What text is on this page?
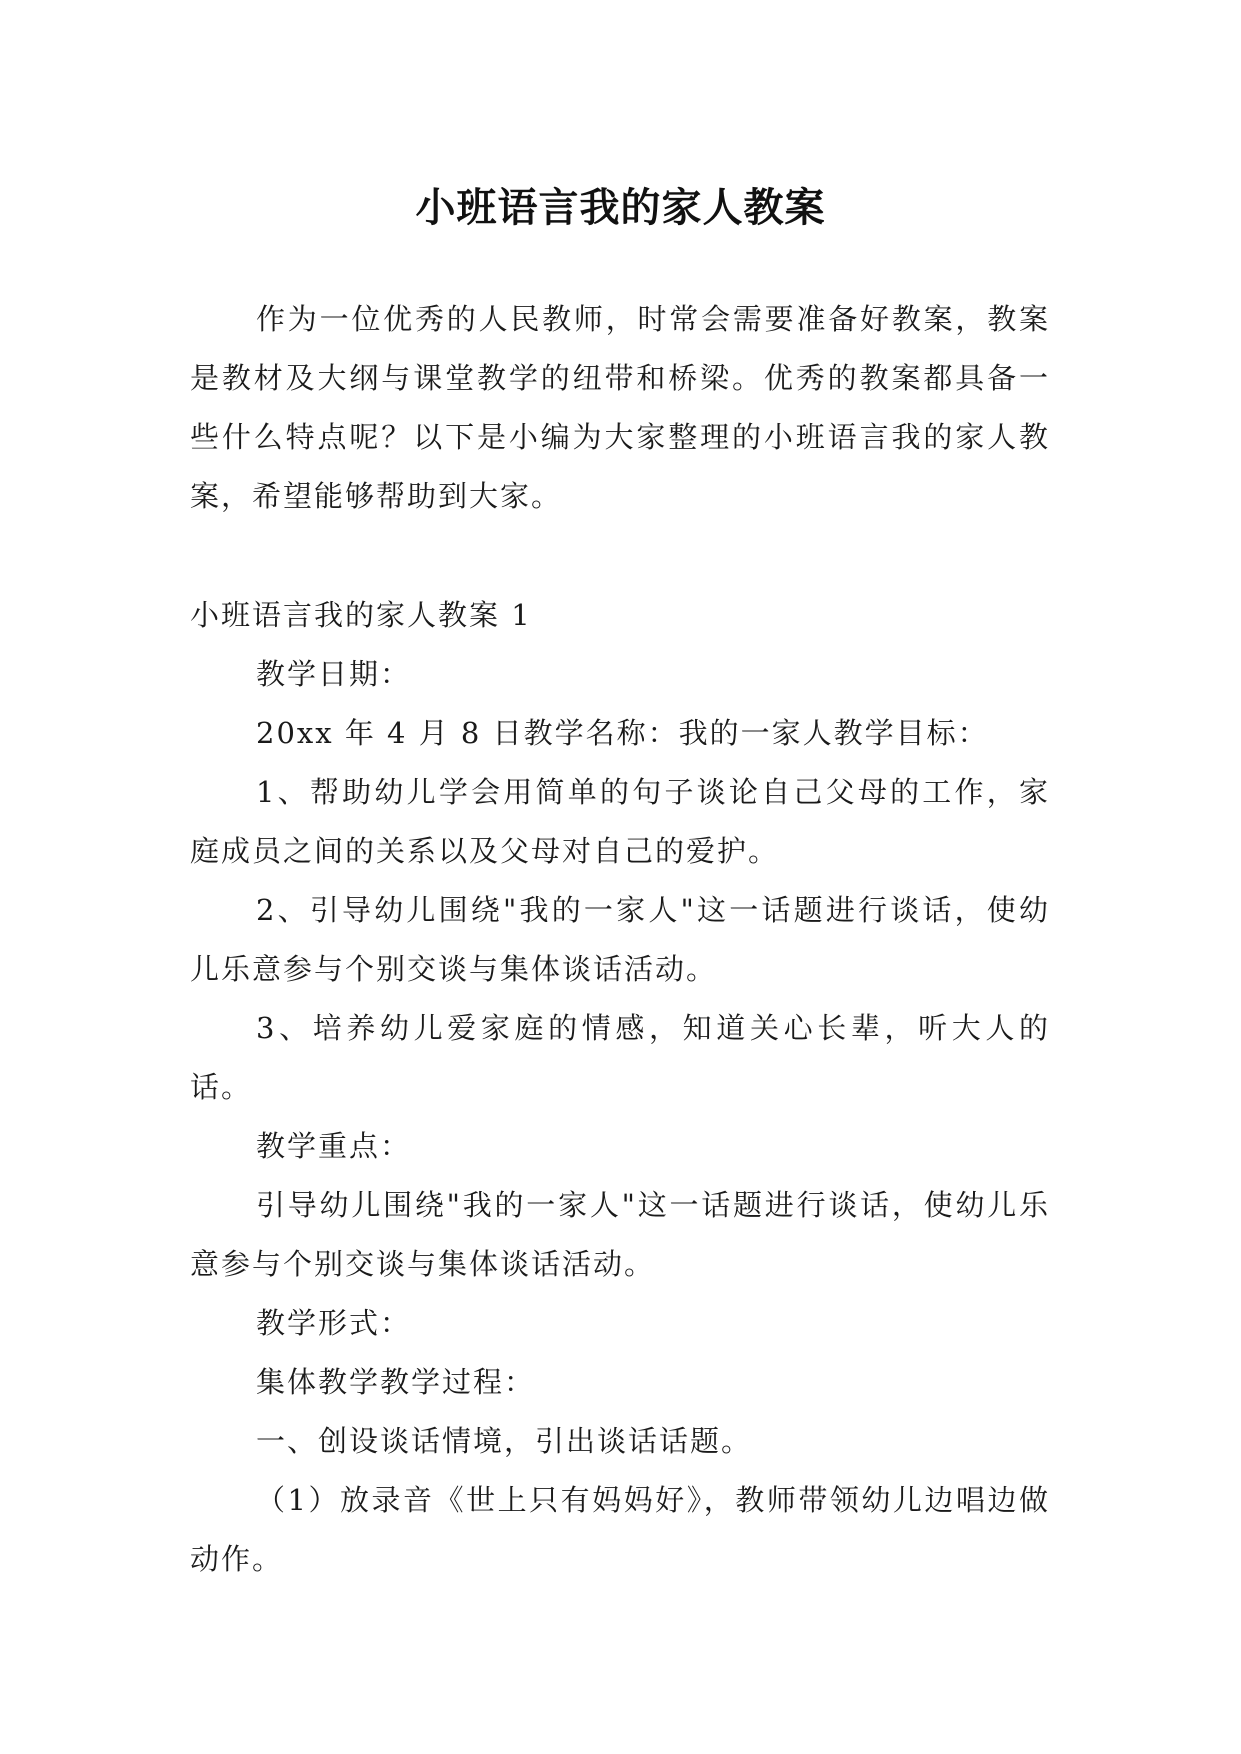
小班语言我的家人教案

作为一位优秀的人民教师，时常会需要准备好教案，教案是教材及大纲与课堂教学的纽带和桥梁。优秀的教案都具备一些什么特点呢？以下是小编为大家整理的小班语言我的家人教案，希望能够帮助到大家。

小班语言我的家人教案 1

教学日期：

20xx 年 4 月 8 日教学名称：我的一家人教学目标：

1、帮助幼儿学会用简单的句子谈论自己父母的工作，家庭成员之间的关系以及父母对自己的爱护。

2、引导幼儿围绕"我的一家人"这一话题进行谈话，使幼儿乐意参与个别交谈与集体谈话活动。

3、培养幼儿爱家庭的情感，知道关心长辈，听大人的话。

教学重点：

引导幼儿围绕"我的一家人"这一话题进行谈话，使幼儿乐意参与个别交谈与集体谈话活动。

教学形式：

集体教学教学过程：

一、创设谈话情境，引出谈话话题。

（1）放录音《世上只有妈妈好》，教师带领幼儿边唱边做动作。
